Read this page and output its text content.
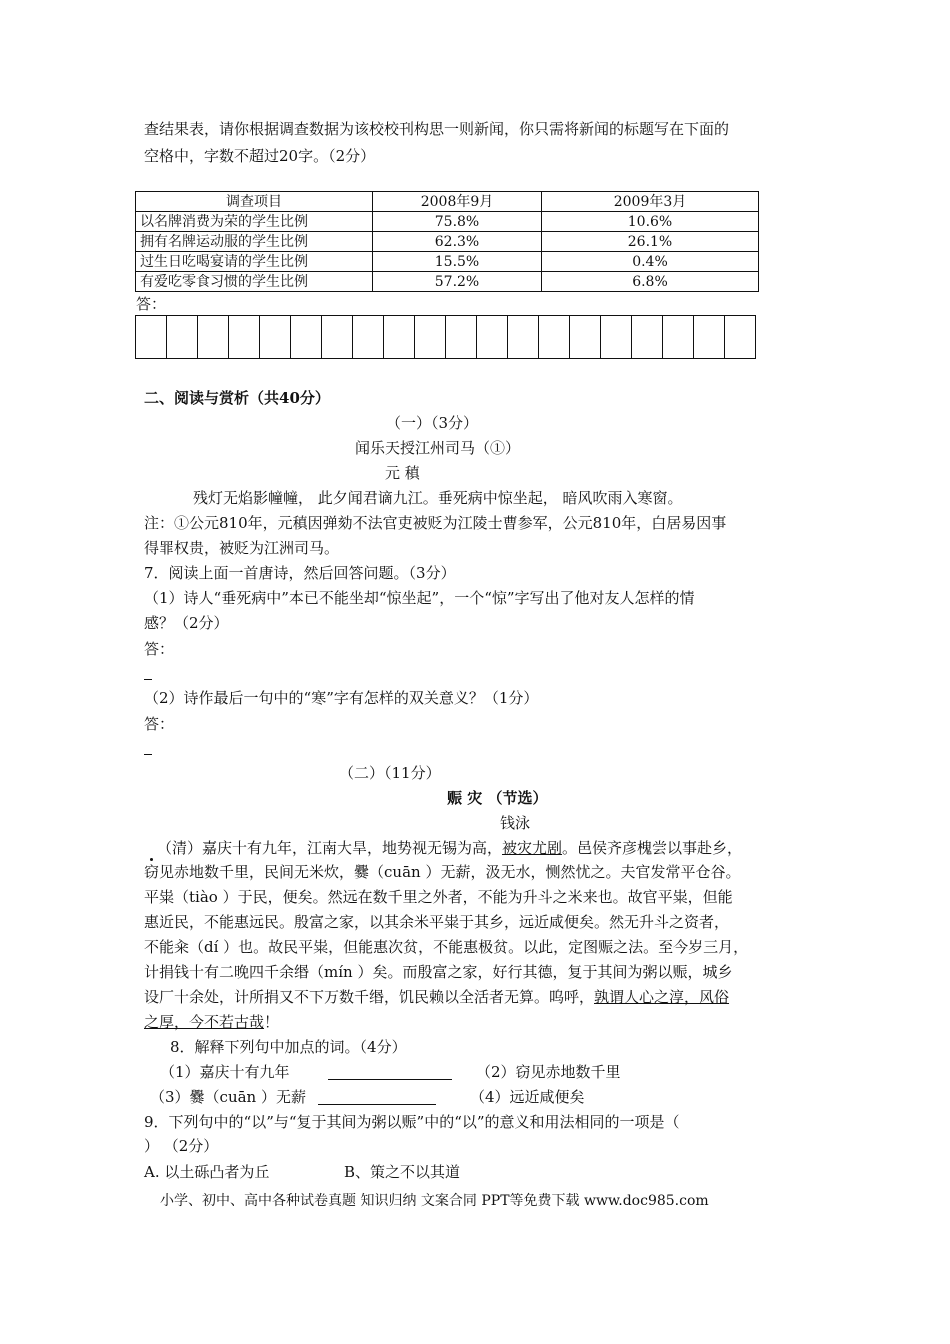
查结果表，请你根据调查数据为该校校刊构思一则新闻，你只需将新闻的标题写在下面的
空格中，字数不超过20字。（2分）
调查项目	2008年9月	2009年3月
以名牌消费为荣的学生比例	75.8%	10.6%
拥有名牌运动服的学生比例	62.3%	26.1%
过生日吃喝宴请的学生比例	15.5%	0.4%
有爱吃零食习惯的学生比例	57.2%	6.8%
答：

二、阅读与赏析（共40分）
（一）（3分）
闻乐天授江州司马（①）
元 稹
残灯无焰影幢幢， 此夕闻君谪九江。垂死病中惊坐起， 暗风吹雨入寒窗。
注：①公元810年，元稹因弹劾不法官吏被贬为江陵士曹参军，公元810年，白居易因事
得罪权贵，被贬为江洲司马。
7．阅读上面一首唐诗，然后回答问题。（3分）
（1）诗人“垂死病中”本已不能坐却“惊坐起”，一个“惊”字写出了他对友人怎样的情
感？（2分）
答：
（2）诗作最后一句中的“寒”字有怎样的双关意义？（1分）
答：
（二）（11分）
赈 灾 （节选）
钱泳
（清）嘉庆十有九年，江南大旱，地势视无锡为高，被灾尤剧。邑侯齐彦槐尝以事赴乡，
窃见赤地数千里，民间无米炊，爨（cuān ）无薪，汲无水，恻然忧之。夫官发常平仓谷。
平粜（tiào ）于民，便矣。然远在数千里之外者，不能为升斗之米来也。故官平粜，但能
惠近民，不能惠远民。殷富之家，以其余米平粜于其乡，远近咸便矣。然无升斗之资者，
不能籴（dí ）也。故民平粜，但能惠次贫，不能惠极贫。以此，定图赈之法。至今岁三月，
计捐钱十有二晚四千余缗（mín ）矣。而殷富之家，好行其德，复于其间为粥以赈，城乡
设厂十余处，计所捐又不下万数千缗，饥民赖以全活者无算。呜呼，孰谓人心之淳，风俗
之厚，今不若古哉！
8．解释下列句中加点的词。（4分）
（1）嘉庆十有九年	（2）窃见赤地数千里
（3）爨（cuān ）无薪	（4）远近咸便矣
9．下列句中的“以”与“复于其间为粥以赈”中的“以”的意义和用法相同的一项是（
） （2分）
A. 以土砾凸者为丘	B、策之不以其道
小学、初中、高中各种试卷真题 知识归纳 文案合同 PPT等免费下载 www.doc985.com
